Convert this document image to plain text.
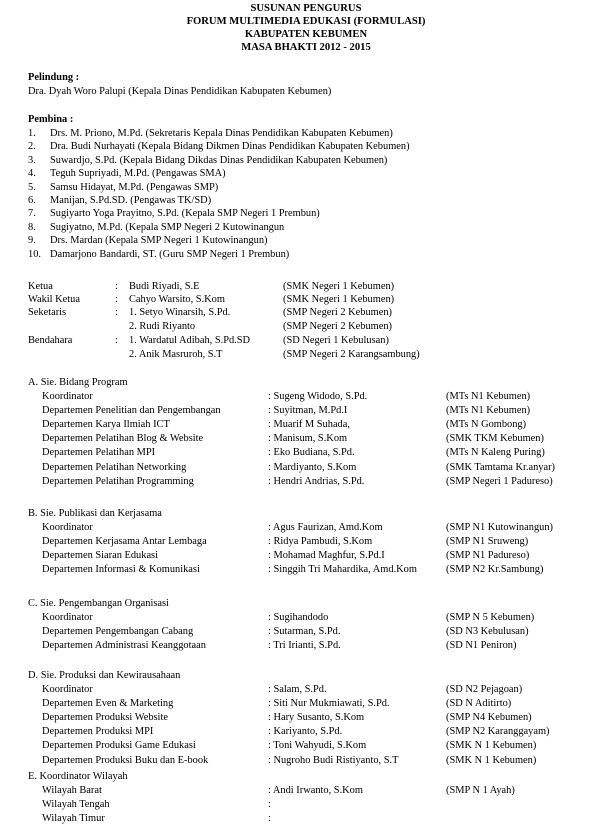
SUSUNAN PENGURUS
FORUM MULTIMEDIA EDUKASI (FORMULASI)
KABUPATEN KEBUMEN
MASA BHAKTI 2012 - 2015
Pelindung :
Dra. Dyah Woro Palupi (Kepala Dinas Pendidikan Kabupaten Kebumen)
Pembina :
1. Drs. M. Priono, M.Pd. (Sekretaris Kepala Dinas Pendidikan Kabupaten Kebumen)
2. Dra. Budi Nurhayati (Kepala Bidang Dikmen Dinas Pendidikan Kabupaten Kebumen)
3. Suwardjo, S.Pd. (Kepala Bidang Dikdas Dinas Pendidikan Kabupaten Kebumen)
4. Teguh Supriyadi, M.Pd. (Pengawas SMA)
5. Samsu Hidayat, M.Pd. (Pengawas SMP)
6. Manijan, S.Pd.SD. (Pengawas TK/SD)
7. Sugiyarto Yoga Prayitno, S.Pd. (Kepala SMP Negeri 1 Prembun)
8. Sugiyatno, M.Pd. (Kepala SMP Negeri 2 Kutowinangun
9. Drs. Mardan (Kepala SMP Negeri 1 Kutowinangun)
10. Damarjono Bandardi, ST. (Guru SMP Negeri 1 Prembun)
Ketua	: Budi Riyadi, S.E	(SMK Negeri 1 Kebumen)
Wakil Ketua	: Cahyo Warsito, S.Kom	(SMK Negeri 1 Kebumen)
Seketaris	: 1. Setyo Winarsih, S.Pd.	(SMP Negeri 2 Kebumen)
2. Rudi Riyanto	(SMP Negeri 2 Kebumen)
Bendahara	: 1. Wardatul Adibah, S.Pd.SD	(SD Negeri 1 Kebulusan)
2. Anik Masruroh, S.T	(SMP Negeri 2 Karangsambung)
A. Sie. Bidang Program
Koordinator	: Sugeng Widodo, S.Pd.	(MTs N1 Kebumen)
Departemen Penelitian dan Pengembangan	: Suyitman, M.Pd.I	(MTs N1 Kebumen)
Departemen Karya Ilmiah ICT	: Muarif M Suhada,	(MTs N Gombong)
Departemen Pelatihan Blog & Website	: Manisum, S.Kom	(SMK TKM Kebumen)
Departemen Pelatihan MPI	: Eko Budiana, S.Pd.	(MTs N Kaleng Puring)
Departemen Pelatihan Networking	: Mardiyanto, S.Kom	(SMK Tamtama Kr.anyar)
Departemen Pelatihan Programming	: Hendri Andrias, S.Pd.	(SMP Negeri 1 Padureso)
B. Sie. Publikasi dan Kerjasama
Koordinator	: Agus Faurizan, Amd.Kom	(SMP N1 Kutowinangun)
Departemen Kerjasama Antar Lembaga	: Ridya Pambudi, S.Kom	(SMP N1 Sruweng)
Departemen Siaran Edukasi	: Mohamad Maghfur, S.Pd.I	(SMP N1 Padureso)
Departemen Informasi & Komunikasi	: Singgih Tri Mahardika, Amd.Kom	(SMP N2 Kr.Sambung)
C. Sie. Pengembangan Organisasi
Koordinator	: Sugihandodo	(SMP N 5 Kebumen)
Departemen Pengembangan Cabang	: Sutarman, S.Pd.	(SD N3 Kebulusan)
Departemen Administrasi Keanggotaan	: Tri Irianti, S.Pd.	(SD N1 Peniron)
D. Sie. Produksi dan Kewirausahaan
Koordinator	: Salam, S.Pd.	(SD N2 Pejagoan)
Departemen Even & Marketing	: Siti Nur Mukmiawati, S.Pd.	(SD N Aditirto)
Departemen Produksi Website	: Hary Susanto, S.Kom	(SMP N4 Kebumen)
Departemen Produksi MPI	: Kariyanto, S.Pd.	(SMP N2 Karanggayam)
Departemen Produksi Game Edukasi	: Toni Wahyudi, S.Kom	(SMK N 1 Kebumen)
Departemen Produksi Buku dan E-book	: Nugroho Budi Ristiyanto, S.T	(SMK N 1 Kebumen)
E. Koordinator Wilayah
Wilayah Barat	: Andi Irwanto, S.Kom	(SMP N 1 Ayah)
Wilayah Tengah	:
Wilayah Timur	:
